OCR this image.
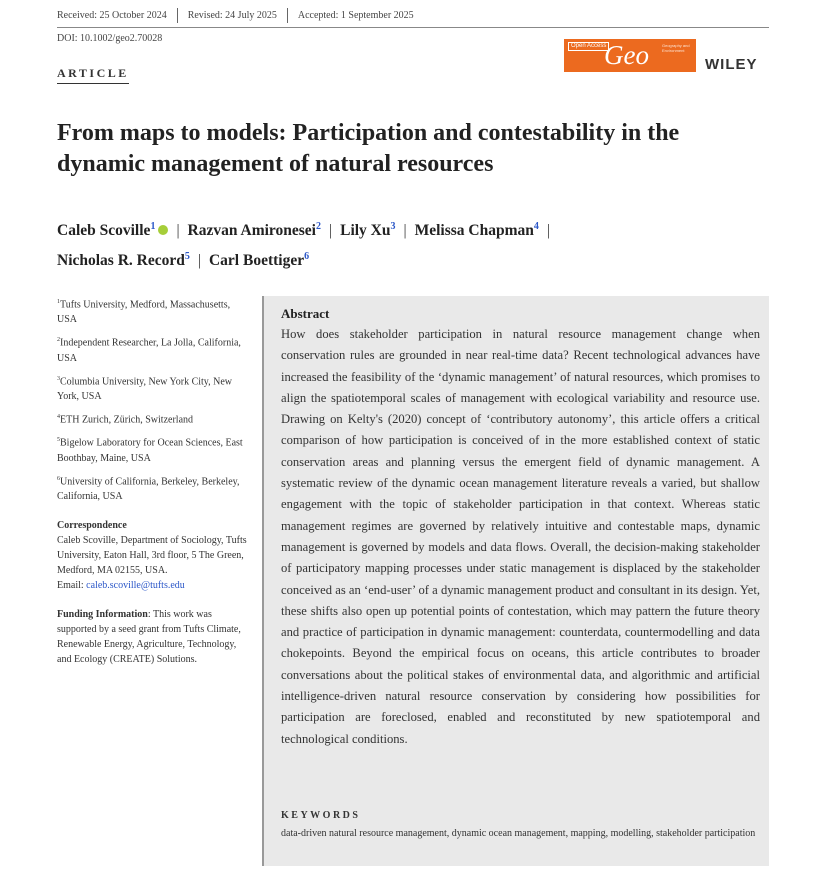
Received: 25 October 2024 Revised: 24 July 2025 Accepted: 1 September 2025
DOI: 10.1002/geo2.70028
ARTICLE
Open Access
Geo	Geography and Environment
WILEY
From maps to models: Participation and contestability in the dynamic management of natural resources
Caleb Scoville$^1$ | Razvan Amironesei$^2$ | Lily Xu$^3$ | Melissa Chapman$^4$ |
Nicholas R. Record$^5$ | Carl Boettiger$^6$
$^1$Tufts University, Medford, Massachusetts, USA
$^2$Independent Researcher, La Jolla, California, USA
$^3$Columbia University, New York City, New York, USA
$^4$ETH Zurich, Zürich, Switzerland
$^5$Bigelow Laboratory for Ocean Sciences, East Boothbay, Maine, USA
$^6$University of California, Berkeley, Berkeley, California, USA
Correspondence
Caleb Scoville, Department of Sociology, Tufts University, Eaton Hall, 3rd floor, 5 The Green, Medford, MA 02155, USA.
Email: caleb.scoville@tufts.edu
Funding Information: This work was supported by a seed grant from Tufts Climate, Renewable Energy, Agriculture, Technology, and Ecology (CREATE) Solutions.
Abstract
How does stakeholder participation in natural resource management change when conservation rules are grounded in near real-time data? Recent technological advances have increased the feasibility of the ‘dynamic management’ of natural resources, which promises to align the spatiotemporal scales of management with ecological variability and resource use. Drawing on Kelty's (2020) concept of ‘contributory autonomy’, this article offers a critical comparison of how participation is conceived of in the more established context of static conservation areas and planning versus the emergent field of dynamic management. A systematic review of the dynamic ocean management literature reveals a varied, but shallow engagement with the topic of stakeholder participation in that context. Whereas static management regimes are governed by relatively intuitive and contestable maps, dynamic management is governed by models and data flows. Overall, the decision-making stakeholder of participatory mapping processes under static management is displaced by the stakeholder conceived as an ‘end-user’ of a dynamic management product and consultant in its design. Yet, these shifts also open up potential points of contestation, which may pattern the future theory and practice of participation in dynamic management: counterdata, countermodelling and data chokepoints. Beyond the empirical focus on oceans, this article contributes to broader conversations about the political stakes of environmental data, and algorithmic and artificial intelligence-driven natural resource conservation by considering how possibilities for participation are foreclosed, enabled and reconstituted by new spatiotemporal and technological conditions.
KEYWORDS
data-driven natural resource management, dynamic ocean management, mapping, modelling, stakeholder participation
